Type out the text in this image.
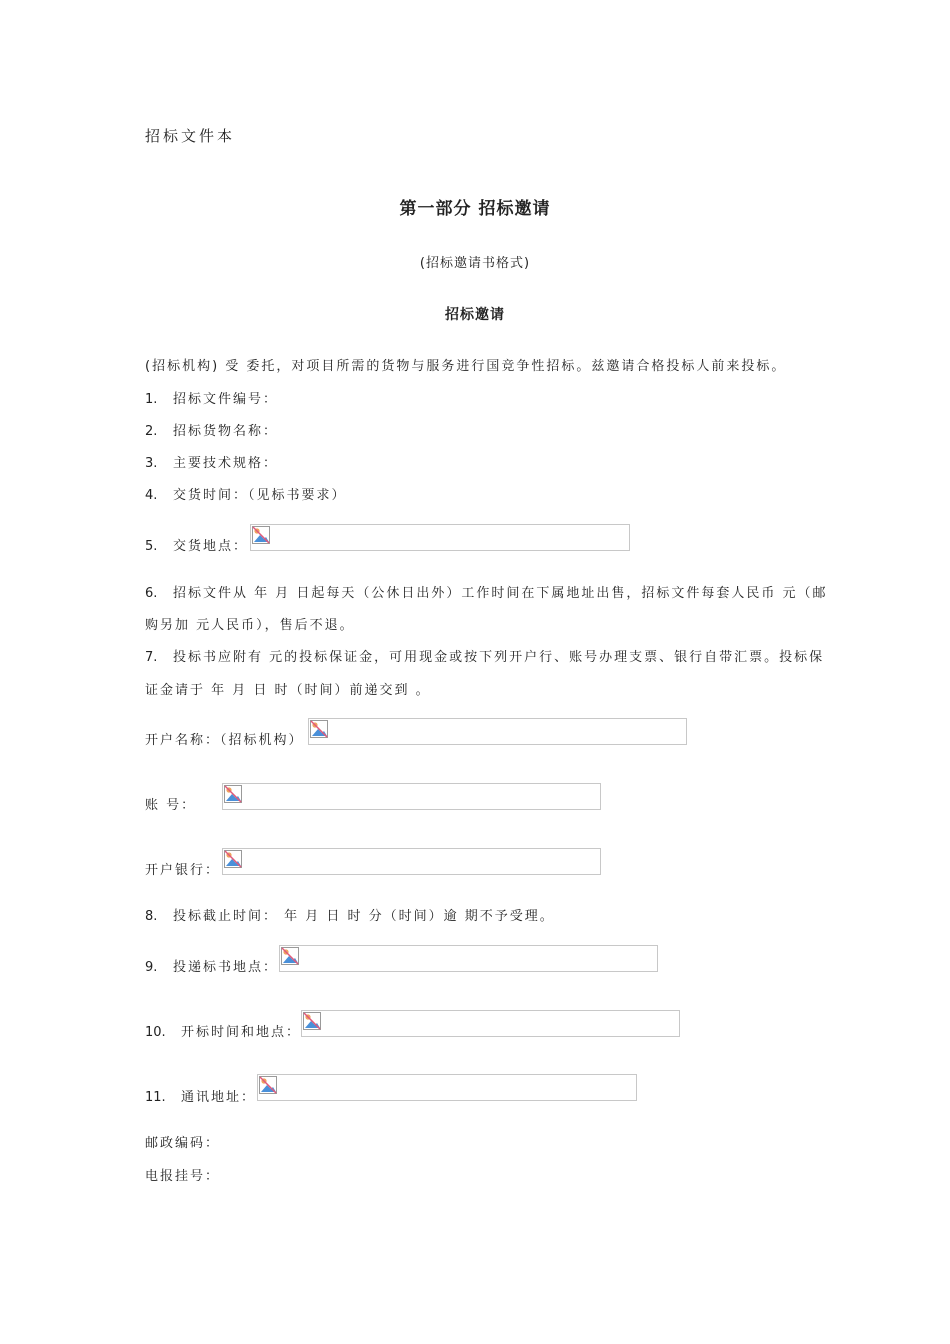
招标文件本
第一部分 招标邀请
(招标邀请书格式)
招标邀请
(招标机构) 受 委托，对项目所需的货物与服务进行国竞争性招标。兹邀请合格投标人前来投标。
1. 招标文件编号：
2. 招标货物名称：
3. 主要技术规格：
4. 交货时间：（见标书要求）
5. 交货地点：
6. 招标文件从 年 月 日起每天（公休日出外）工作时间在下属地址出售，招标文件每套人民币 元（邮
购另加 元人民币），售后不退。
7. 投标书应附有 元的投标保证金，可用现金或按下列开户行、账号办理支票、银行自带汇票。投标保
证金请于 年 月 日 时（时间）前递交到 。
开户名称：（招标机构）
账 号：
开户银行：
8. 投标截止时间： 年 月 日 时 分（时间）逾 期不予受理。
9. 投递标书地点：
10. 开标时间和地点：
11. 通讯地址：
邮政编码：
电报挂号：
